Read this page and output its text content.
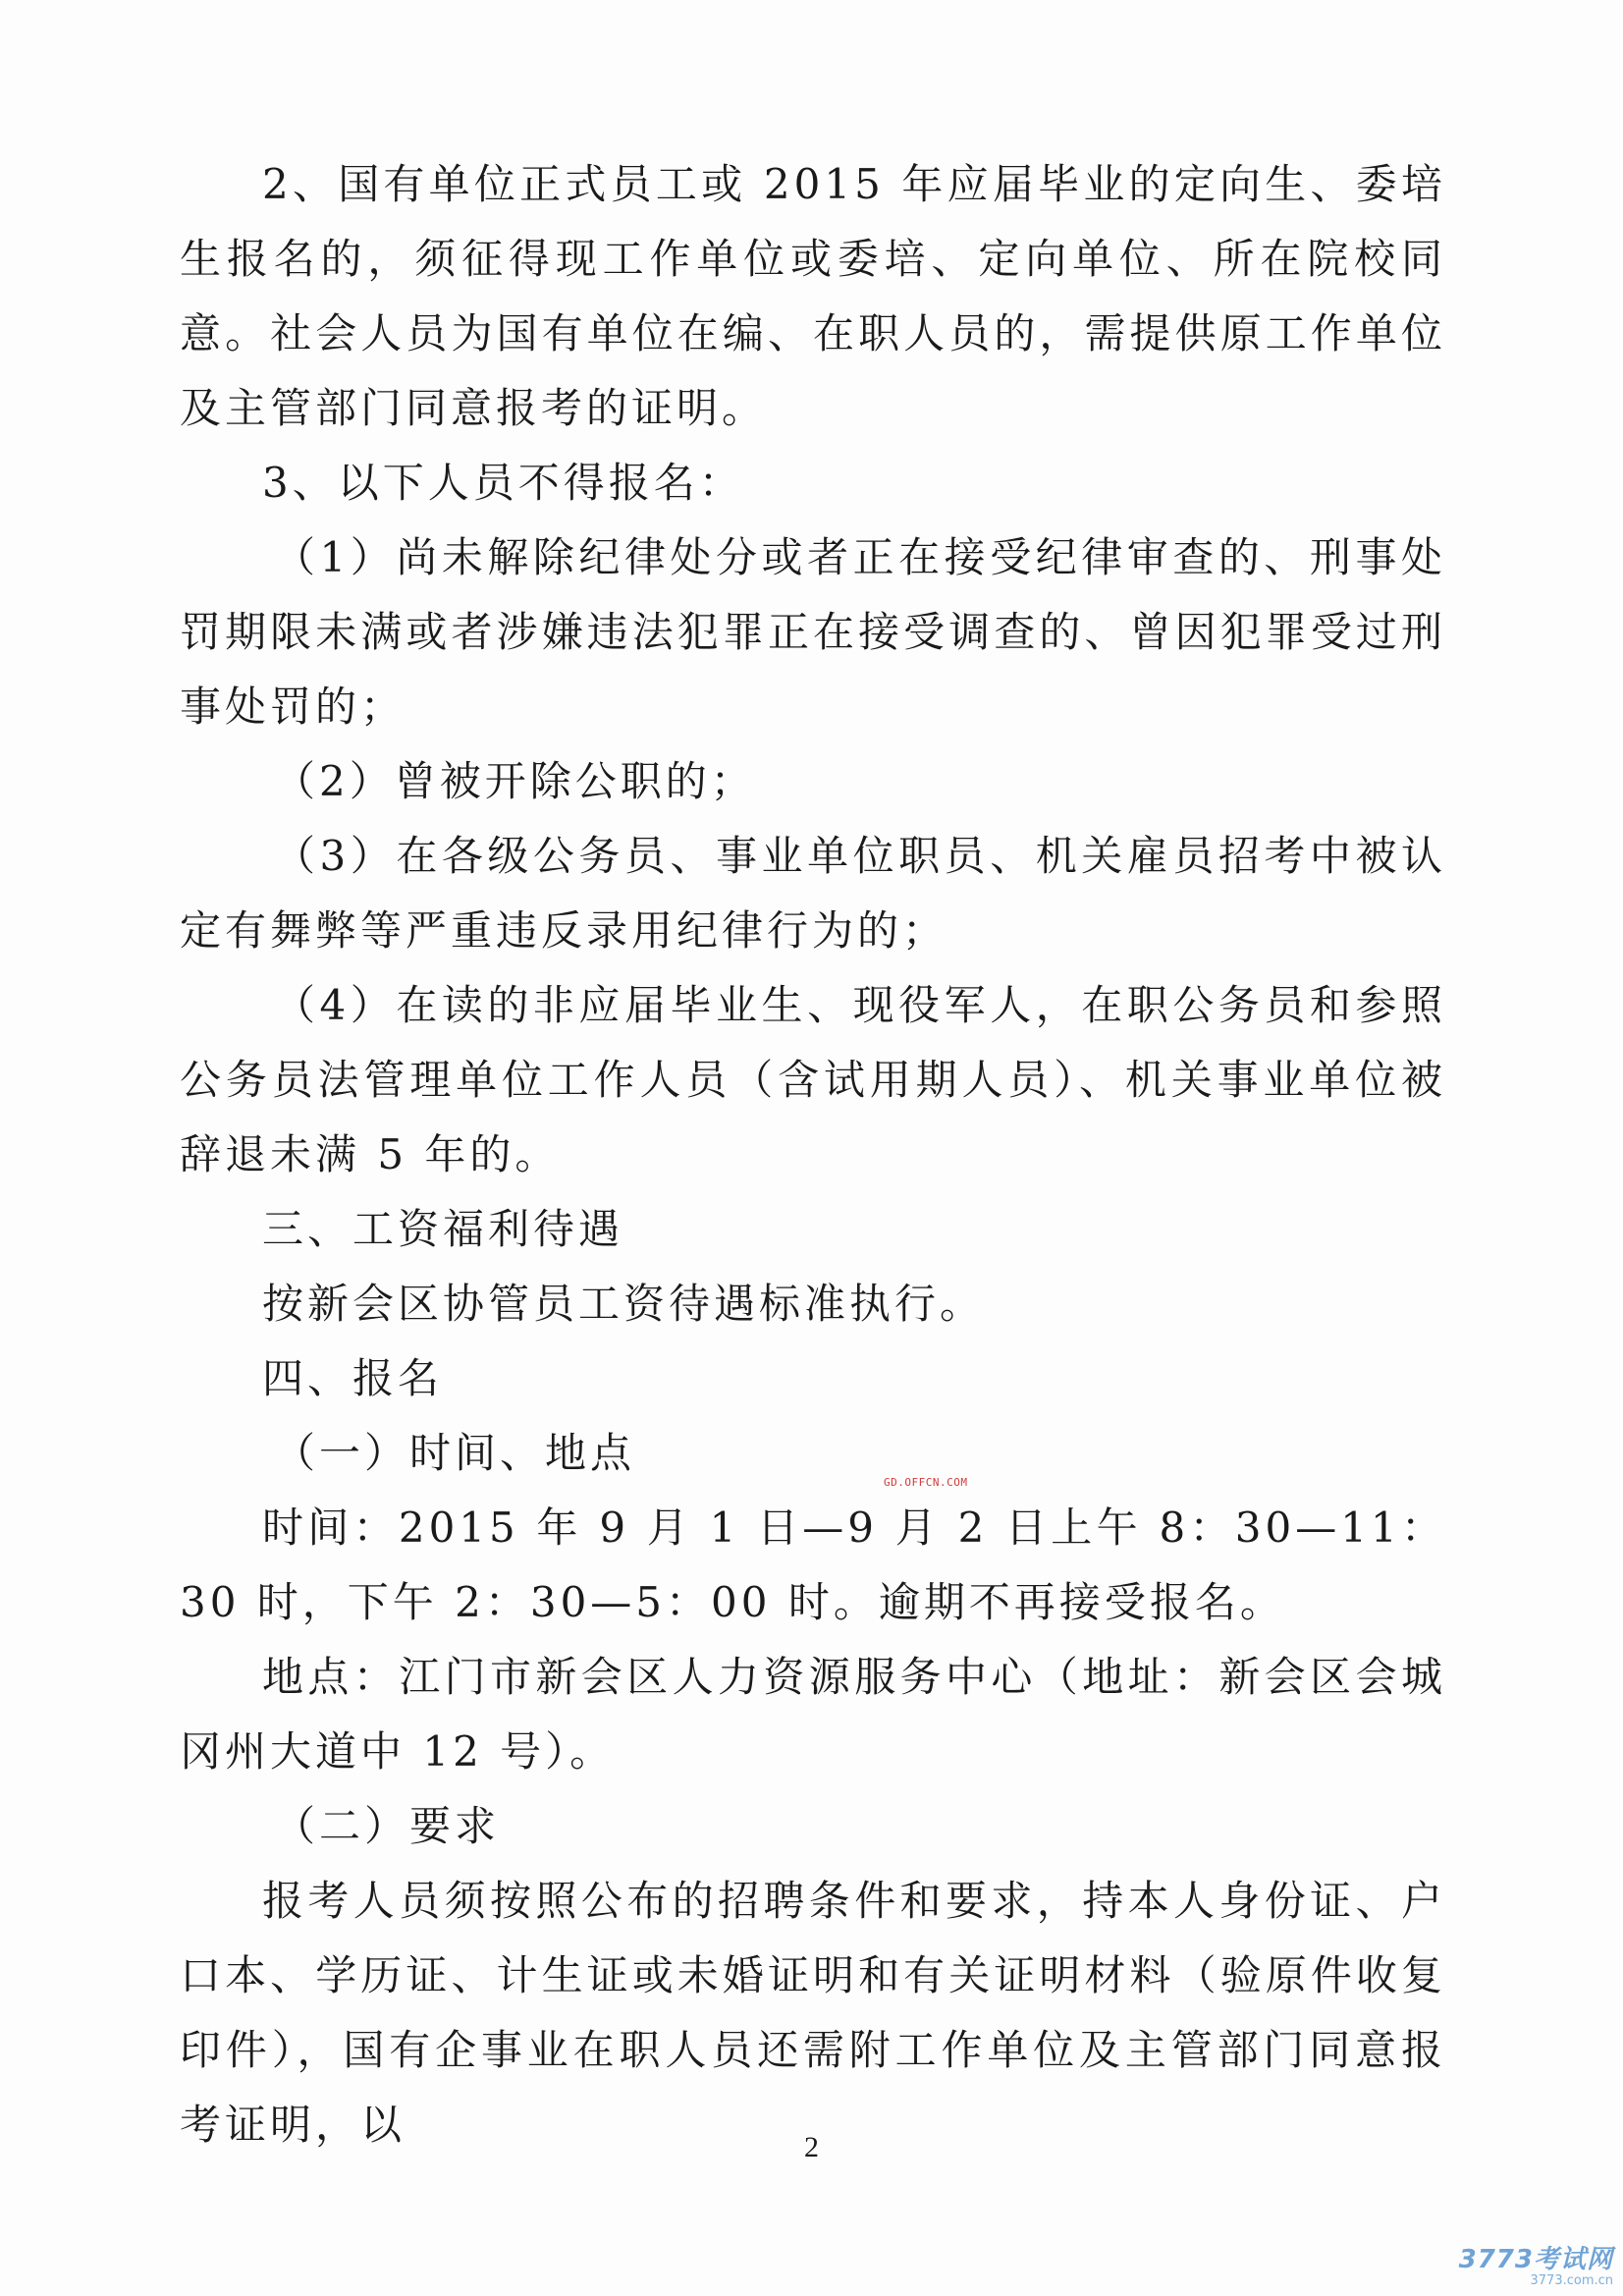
2、国有单位正式员工或 2015 年应届毕业的定向生、委培生报名的，须征得现工作单位或委培、定向单位、所在院校同意。社会人员为国有单位在编、在职人员的，需提供原工作单位及主管部门同意报考的证明。

3、以下人员不得报名：

（1）尚未解除纪律处分或者正在接受纪律审查的、刑事处罚期限未满或者涉嫌违法犯罪正在接受调查的、曾因犯罪受过刑事处罚的；

（2）曾被开除公职的；

（3）在各级公务员、事业单位职员、机关雇员招考中被认定有舞弊等严重违反录用纪律行为的；

（4）在读的非应届毕业生、现役军人，在职公务员和参照公务员法管理单位工作人员（含试用期人员）、机关事业单位被辞退未满 5 年的。

三、工资福利待遇

按新会区协管员工资待遇标准执行。

四、报名

（一）时间、地点

时间：2015 年 9 月 1 日—9 月 2 日上午 8：30—11：30 时，下午 2：30—5：00 时。逾期不再接受报名。

地点：江门市新会区人力资源服务中心（地址：新会区会城冈州大道中 12 号）。

（二）要求

报考人员须按照公布的招聘条件和要求，持本人身份证、户口本、学历证、计生证或未婚证明和有关证明材料（验原件收复印件），国有企事业在职人员还需附工作单位及主管部门同意报考证明，以

GD.OFFCN.COM
2
3773考试网
3773.com.cn
